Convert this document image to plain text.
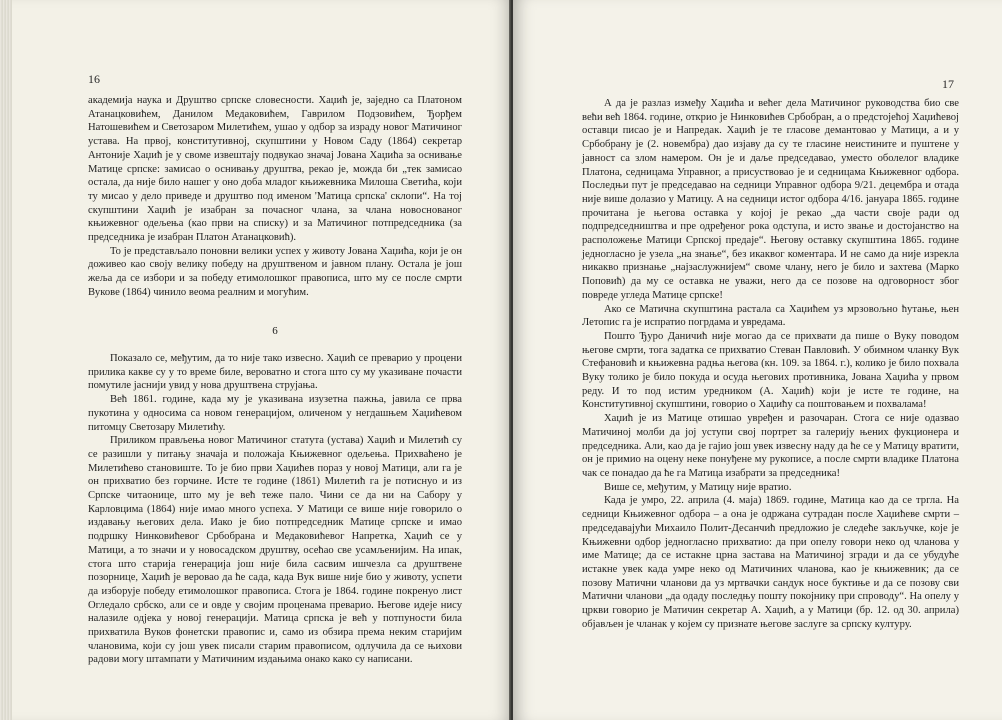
16

академија наука и Друштво српске словесности. Хаџић је, заједно са Платоном Атанацковићем, Данилом Медаковићем, Гаврилом Подзовићем, Ђорђем Натошевићем и Светозаром Милетићем, ушао у одбор за израду новог Матичиног устава. На првој, конститутивној, скупштини у Новом Саду (1864) секретар Антоније Хаџић је у своме извештају подвукао значај Јована Хаџића за оснивање Матице српске: замисао о оснивању друштва, рекао је, можда би „тек замисао остала, да није било нашег у оно доба младог књижевника Милоша Светића, који ту мисао у дело приведе и друштво под именом 'Матица српска' склопи“. На тој скупштини Хаџић је изабран за почасног члана, за члана новоснованог књижевног одељења (као први на списку) и за Матичиног потпредседника (за председника је изабран Платон Атанацковић).

То је представљало поновни велики успех у животу Јована Хаџића, који је он доживео као своју велику победу на друштвеном и јавном плану. Остала је још жеља да се избори и за победу етимолошког правописа, што му се после смрти Вукове (1864) чинило веома реалним и могућим.

6

Показало се, међутим, да то није тако извесно. Хаџић се преварио у процени прилика какве су у то време биле, вероватно и стога што су му указиване почасти помутиле јаснији увид у нова друштвена струјања.

Већ 1861. године, када му је указивана изузетна пажња, јавила се прва пукотина у односима са новом генерацијом, оличеном у негдашњем Хаџићевом питомцу Светозару Милетићу.

Приликом прављења новог Матичиног статута (устава) Хаџић и Милетић су се разишли у питању значаја и положаја Књижевног одељења. Прихваћено је Милетићево становиште. То је био први Хаџићев пораз у новој Матици, али га је он прихватио без горчине. Исте те године (1861) Милетић га је потиснуо и из Српске читаонице, што му је већ теже пало. Чини се да ни на Сабору у Карловцима (1864) није имао много успеха. У Матици се више није говорило о издавању његових дела. Иако је био потпредседник Матице српске и имао подршку Нинковићевог Србобрана и Медаковићевог Напретка, Хаџић се у Матици, а то значи и у новосадском друштву, осећао све усамљенијим. На ипак, стога што старија генерација још није била сасвим ишчезла са друштвене позорнице, Хаџић је веровао да ће сада, када Вук више није био у животу, успети да изборује победу етимолошког правописа. Стога је 1864. године покренуо лист Огледало србско, али се и овде у својим проценама преварио. Његове идеје нису налазиле одјека у новој генерацији. Матица српска је већ у потпуности била прихватила Вуков фонетски правопис и, само из обзира према неким старијим члановима, који су још увек писали старим правописом, одлучила да се њихови радови могу штампати у Матичиним издањима онако како су написани.

17

А да је разлаз између Хаџића и већег дела Матичиног руководства био све већи већ 1864. године, открио је Нинковићев Србобран, а о предстојећој Хаџићевој оставци писао је и Напредак. Хаџић је те гласове демантовао у Матици, а и у Србобрану је (2. новембра) дао изјаву да су те гласине неистините и пуштене у јавност са злом намером. Он је и даље председавао, уместо оболелог владике Платона, седницама Управног, а присуствовао је и седницама Књижевног одбора. Последњи пут је председавао на седници Управног одбора 9/21. децембра и отада није више долазио у Матицу. А на седници истог одбора 4/16. јануара 1865. године прочитана је његова оставка у којој је рекао „да части своје ради од подпредседништва и пре одређеног рока одступа, и исто звање и достојанство на расположење Матици Српској предаје“. Његову оставку скупштина 1865. године једногласно је узела „на знање“, без икаквог коментара. И не само да није изрекла никакво признање „најзаслужнијем“ своме члану, него је било и захтева (Марко Поповић) да му се оставка не уважи, него да се позове на одговорност због повреде угледа Матице српске!

Ако се Матична скупштина растала са Хаџићем уз мрзовољно ћутање, њен Летопис га је испратио погрдама и увредама.

Пошто Ђуро Даничић није могао да се прихвати да пише о Вуку поводом његове смрти, тога задатка се прихватио Стеван Павловић. У обимном чланку Вук Стефановић и књижевна радња његова (кн. 109. за 1864. г.), колико је било похвала Вуку толико је било покуда и осуда његових противника, Јована Хаџића у првом реду. И то под истим уредником (А. Хаџић) који је исте те године, на Конститутивној скупштини, говорио о Хаџићу са поштовањем и похвалама!

Хаџић је из Матице отишао увређен и разочаран. Стога се није одазвао Матичиној молби да јој уступи свој портрет за галерију њених фукционера и председника. Али, као да је гајио још увек извесну наду да ће се у Матицу вратити, он је примио на оцену неке понуђене му рукописе, а после смрти владике Платона чак се понадао да ће га Матица изабрати за председника!

Више се, међутим, у Матицу није вратио.

Када је умро, 22. априла (4. маја) 1869. године, Матица као да се тргла. На седници Књижевног одбора – а она је одржана сутрадан после Хаџићеве смрти – председавајући Михаило Полит-Десанчић предложио је следеће закључке, које је Књижевни одбор једногласно прихватио: да при опелу говори неко од чланова у име Матице; да се истакне црна застава на Матичиној згради и да се убудуће истакне увек када умре неко од Матичиних чланова, као је књижевник; да се позову Матични чланови да уз мртвачки сандук носе буктиње и да се позову сви Матични чланови „да одаду последњу пошту покојнику при спроводу“. На опелу у цркви говорио је Матичин секретар А. Хаџић, а у Матици (бр. 12. од 30. априла) објављен је чланак у којем су признате његове заслуге за српску културу.
